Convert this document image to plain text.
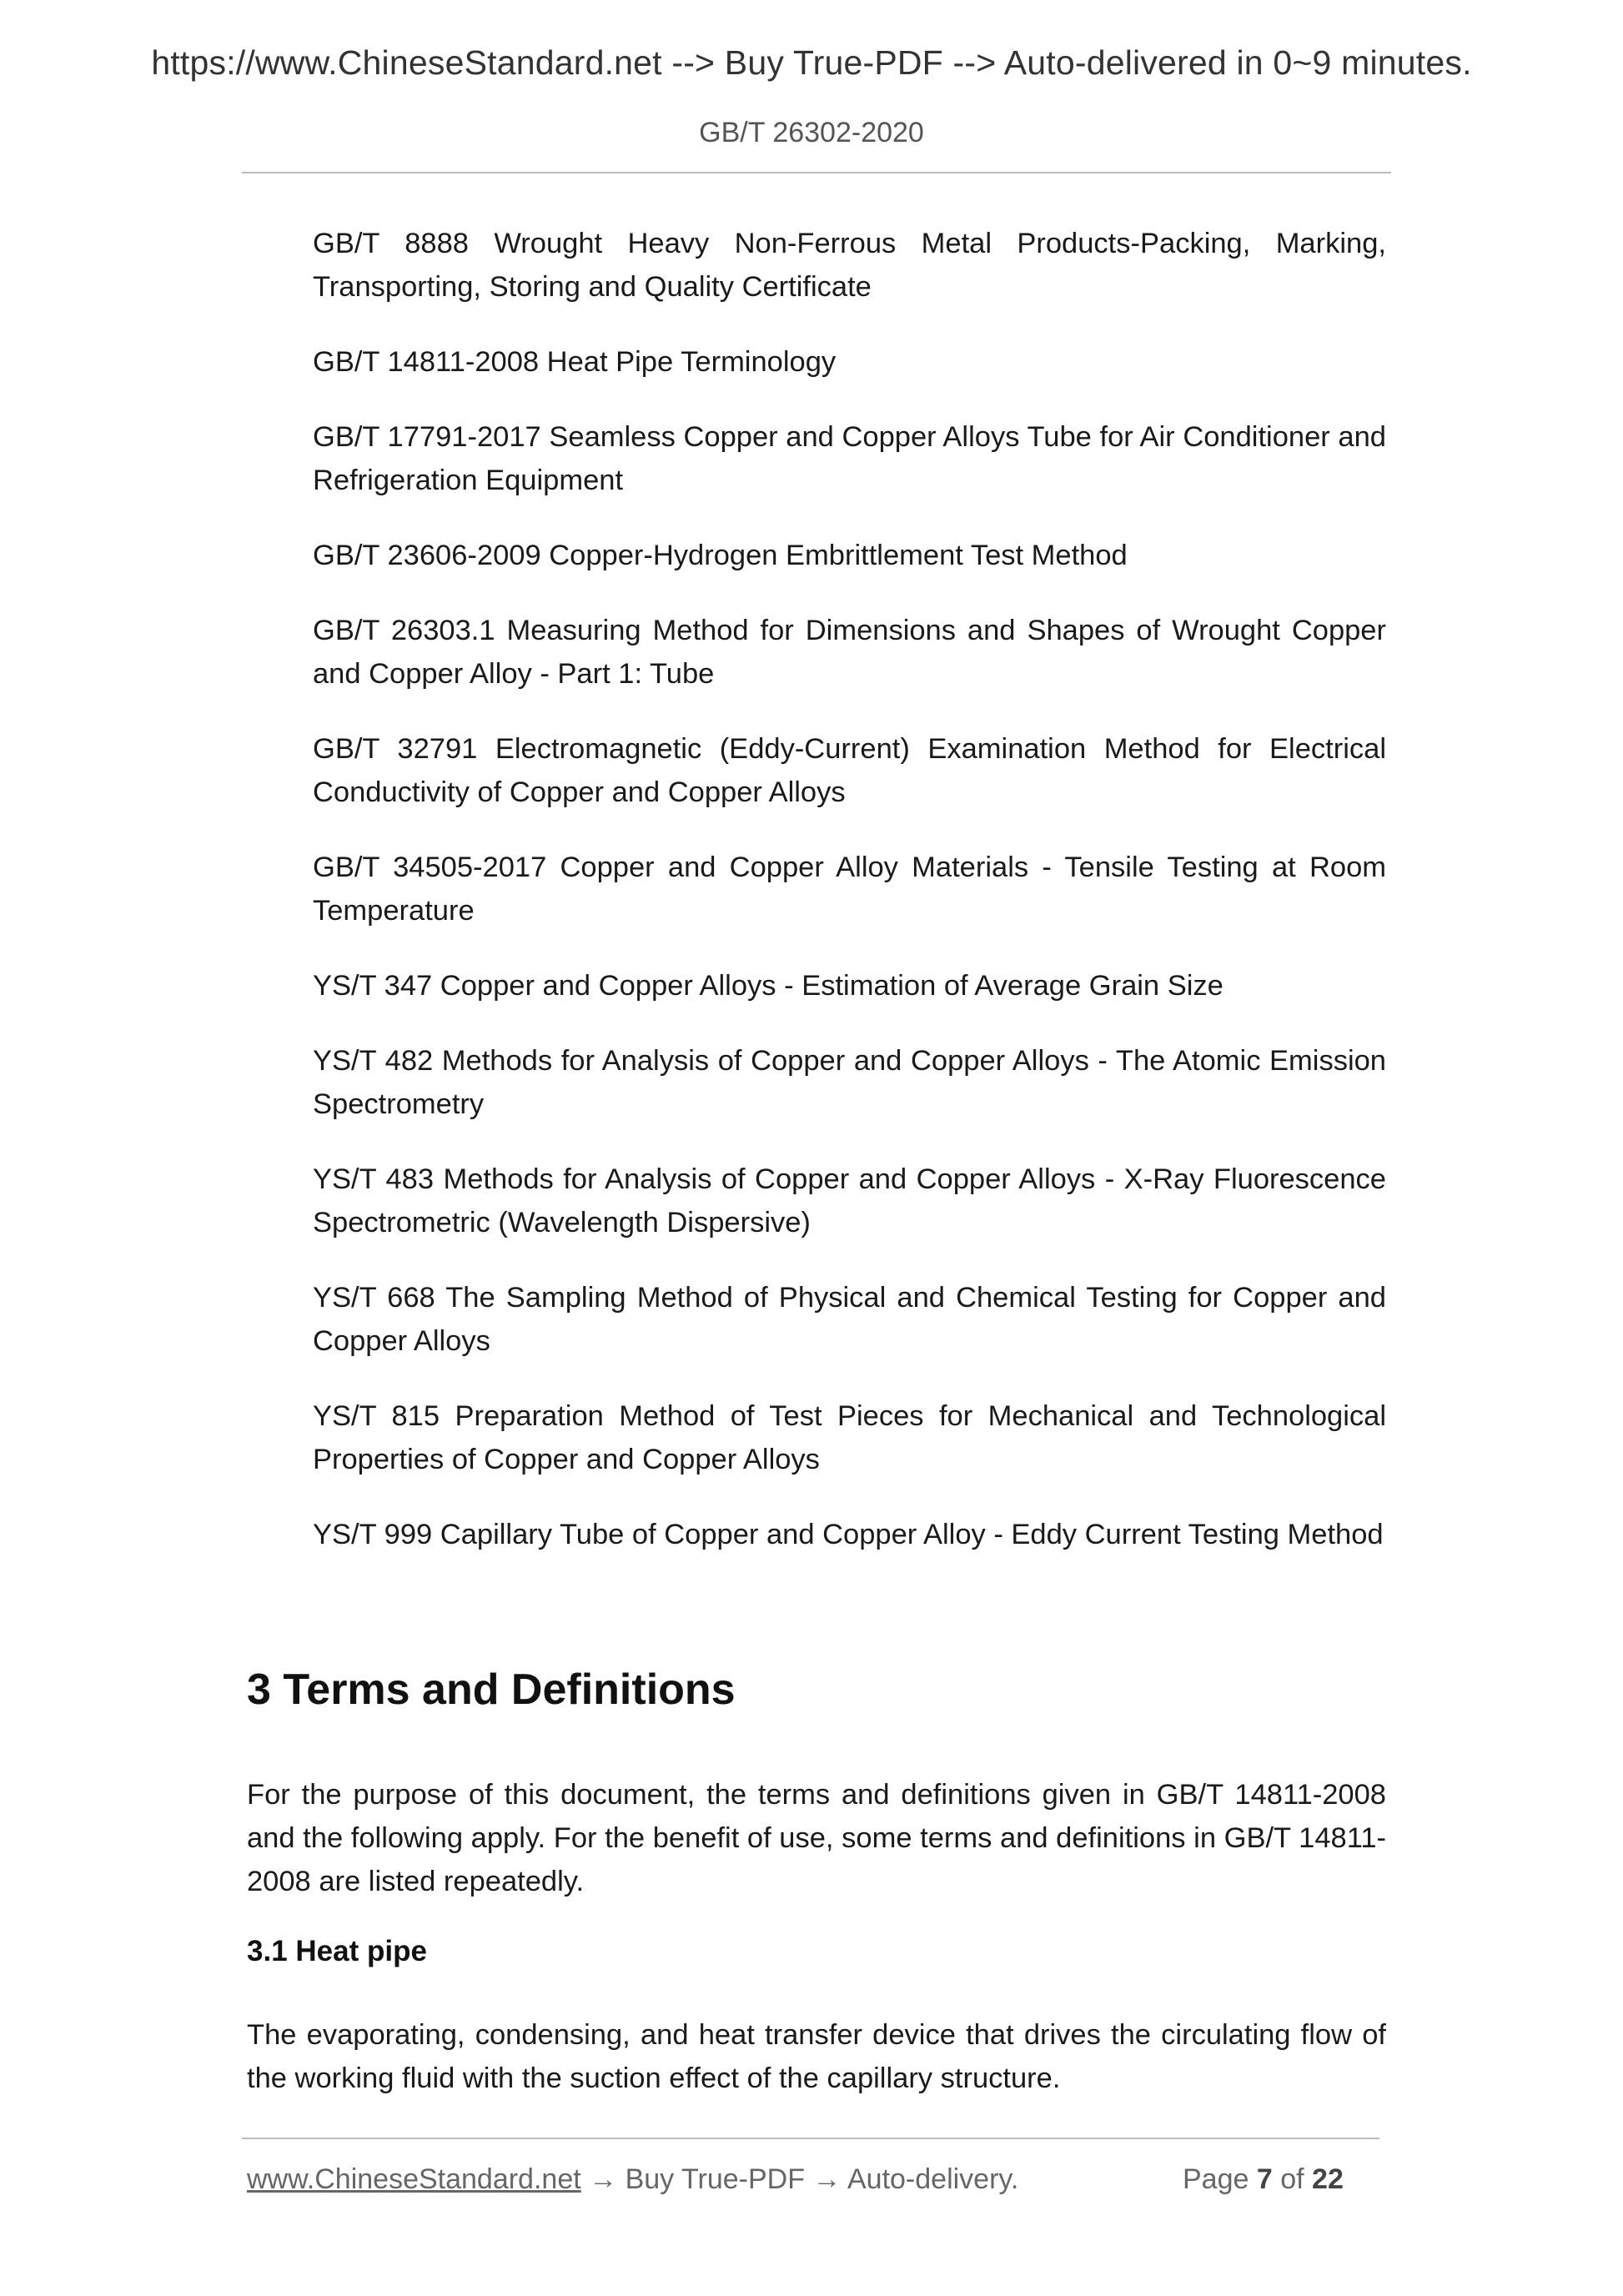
https://www.ChineseStandard.net --> Buy True-PDF --> Auto-delivered in 0~9 minutes.
GB/T 26302-2020
GB/T 8888 Wrought Heavy Non-Ferrous Metal Products-Packing, Marking, Transporting, Storing and Quality Certificate
GB/T 14811-2008 Heat Pipe Terminology
GB/T 17791-2017 Seamless Copper and Copper Alloys Tube for Air Conditioner and Refrigeration Equipment
GB/T 23606-2009 Copper-Hydrogen Embrittlement Test Method
GB/T 26303.1 Measuring Method for Dimensions and Shapes of Wrought Copper and Copper Alloy - Part 1: Tube
GB/T 32791 Electromagnetic (Eddy-Current) Examination Method for Electrical Conductivity of Copper and Copper Alloys
GB/T 34505-2017 Copper and Copper Alloy Materials - Tensile Testing at Room Temperature
YS/T 347 Copper and Copper Alloys - Estimation of Average Grain Size
YS/T 482 Methods for Analysis of Copper and Copper Alloys - The Atomic Emission Spectrometry
YS/T 483 Methods for Analysis of Copper and Copper Alloys - X-Ray Fluorescence Spectrometric (Wavelength Dispersive)
YS/T 668 The Sampling Method of Physical and Chemical Testing for Copper and Copper Alloys
YS/T 815 Preparation Method of Test Pieces for Mechanical and Technological Properties of Copper and Copper Alloys
YS/T 999 Capillary Tube of Copper and Copper Alloy - Eddy Current Testing Method
3 Terms and Definitions

For the purpose of this document, the terms and definitions given in GB/T 14811-2008 and the following apply. For the benefit of use, some terms and definitions in GB/T 14811-2008 are listed repeatedly.

3.1 Heat pipe

The evaporating, condensing, and heat transfer device that drives the circulating flow of the working fluid with the suction effect of the capillary structure.

www.ChineseStandard.net → Buy True-PDF → Auto-delivery.	Page 7 of 22
